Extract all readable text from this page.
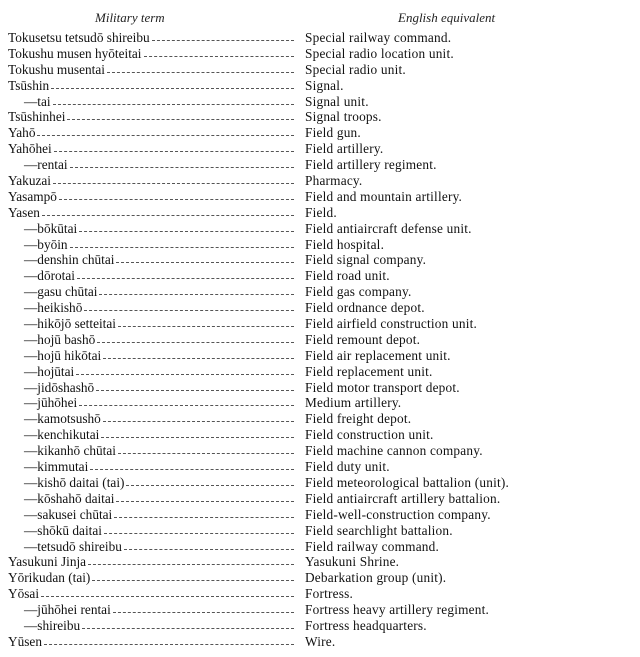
Military term	English equivalent
Tokusetsu tetsudō shireibu	Special railway command.
Tokushu musen hyōteitai	Special radio location unit.
Tokushu musentai	Special radio unit.
Tsūshin	Signal.
—tai	Signal unit.
Tsūshinhei	Signal troops.
Yahō	Field gun.
Yahōhei	Field artillery.
—rentai	Field artillery regiment.
Yakuzai	Pharmacy.
Yasampō	Field and mountain artillery.
Yasen	Field.
—bōkūtai	Field antiaircraft defense unit.
—byōin	Field hospital.
—denshin chūtai	Field signal company.
—dōrotai	Field road unit.
—gasu chūtai	Field gas company.
—heikishō	Field ordnance depot.
—hikōjō setteitai	Field airfield construction unit.
—hojū bashō	Field remount depot.
—hojū hikōtai	Field air replacement unit.
—hojūtai	Field replacement unit.
—jidōshashō	Field motor transport depot.
—jūhōhei	Medium artillery.
—kamotsushō	Field freight depot.
—kenchikutai	Field construction unit.
—kikanhō chūtai	Field machine cannon company.
—kimmutai	Field duty unit.
—kishō daitai (tai)	Field meteorological battalion (unit).
—kōshahō daitai	Field antiaircraft artillery battalion.
—sakusei chūtai	Field-well-construction company.
—shōkū daitai	Field searchlight battalion.
—tetsudō shireibu	Field railway command.
Yasukuni Jinja	Yasukuni Shrine.
Yōrikudan (tai)	Debarkation group (unit).
Yōsai	Fortress.
—jūhōhei rentai	Fortress heavy artillery regiment.
—shireibu	Fortress headquarters.
Yūsen	Wire.
